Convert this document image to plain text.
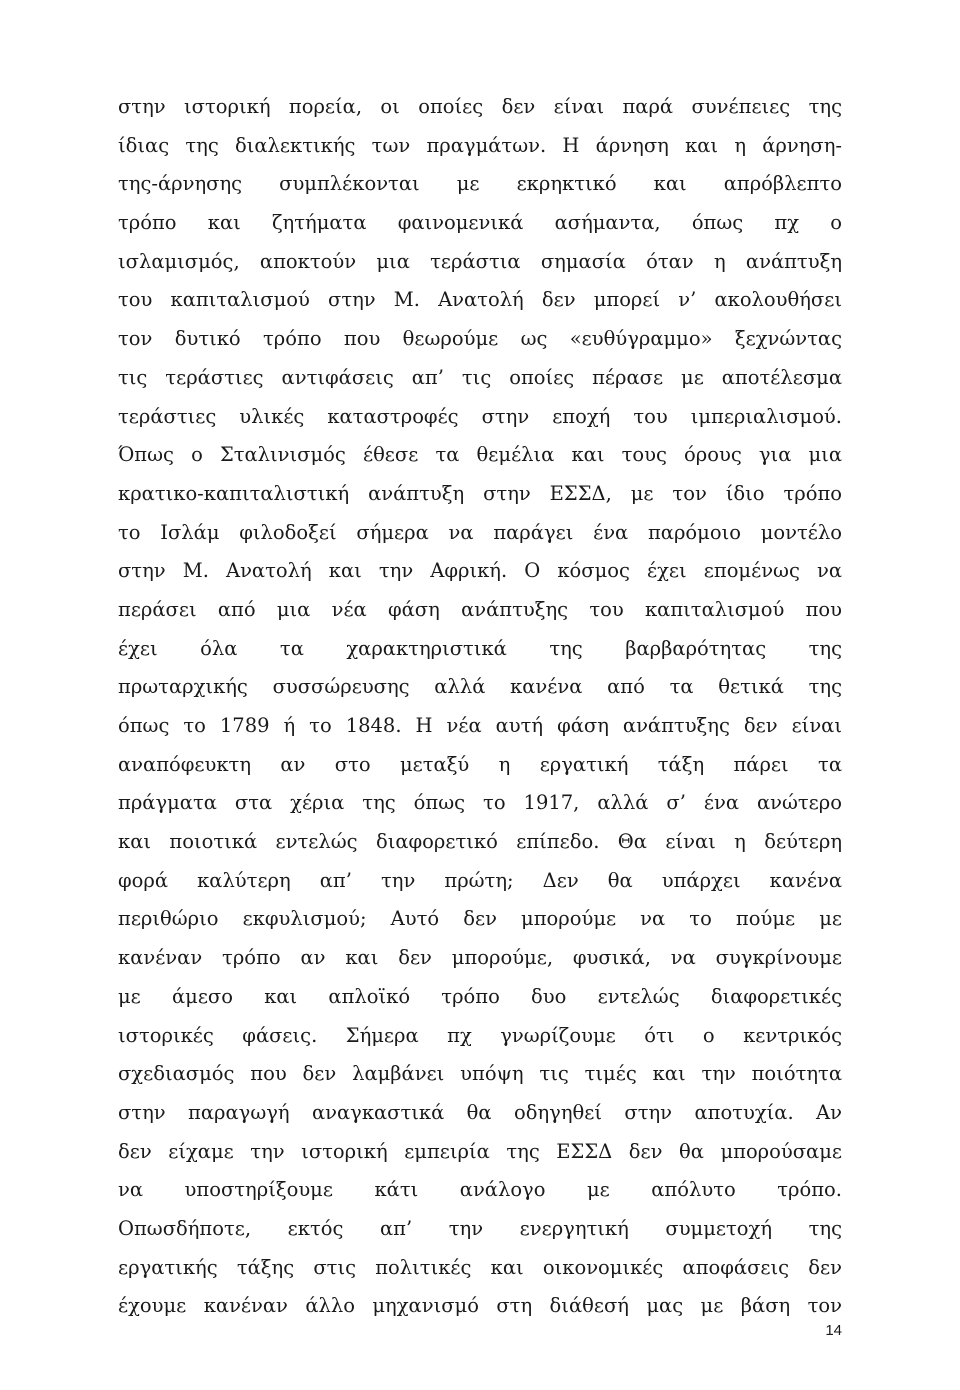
στην ιστορική πορεία, οι οποίες δεν είναι παρά συνέπειες της
ίδιας της διαλεκτικής των πραγμάτων. Η άρνηση και η άρνηση-
της-άρνησης συμπλέκονται με εκρηκτικό και απρόβλεπτο
τρόπο και ζητήματα φαινομενικά ασήμαντα, όπως πχ ο
ισλαμισμός, αποκτούν μια τεράστια σημασία όταν η ανάπτυξη
του καπιταλισμού στην Μ. Ανατολή δεν μπορεί ν’ ακολουθήσει
τον δυτικό τρόπο που θεωρούμε ως «ευθύγραμμο» ξεχνώντας
τις τεράστιες αντιφάσεις απ’ τις οποίες πέρασε με αποτέλεσμα
τεράστιες υλικές καταστροφές στην εποχή του ιμπεριαλισμού.
Όπως ο Σταλινισμός έθεσε τα θεμέλια και τους όρους για μια
κρατικο-καπιταλιστική ανάπτυξη στην ΕΣΣΔ, με τον ίδιο τρόπο
το Ισλάμ φιλοδοξεί σήμερα να παράγει ένα παρόμοιο μοντέλο
στην Μ. Ανατολή και την Αφρική. Ο κόσμος έχει επομένως να
περάσει από μια νέα φάση ανάπτυξης του καπιταλισμού που
έχει όλα τα χαρακτηριστικά της βαρβαρότητας της
πρωταρχικής συσσώρευσης αλλά κανένα από τα θετικά της
όπως το 1789 ή το 1848. Η νέα αυτή φάση ανάπτυξης δεν είναι
αναπόφευκτη αν στο μεταξύ η εργατική τάξη πάρει τα
πράγματα στα χέρια της όπως το 1917, αλλά σ’ ένα ανώτερο
και ποιοτικά εντελώς διαφορετικό επίπεδο. Θα είναι η δεύτερη
φορά καλύτερη απ’ την πρώτη; Δεν θα υπάρχει κανένα
περιθώριο εκφυλισμού; Αυτό δεν μπορούμε να το πούμε με
κανέναν τρόπο αν και δεν μπορούμε, φυσικά, να συγκρίνουμε
με άμεσο και απλοϊκό τρόπο δυο εντελώς διαφορετικές
ιστορικές φάσεις. Σήμερα πχ γνωρίζουμε ότι ο κεντρικός
σχεδιασμός που δεν λαμβάνει υπόψη τις τιμές και την ποιότητα
στην παραγωγή αναγκαστικά θα οδηγηθεί στην αποτυχία. Αν
δεν είχαμε την ιστορική εμπειρία της ΕΣΣΔ δεν θα μπορούσαμε
να υποστηρίξουμε κάτι ανάλογο με απόλυτο τρόπο.
Οπωσδήποτε, εκτός απ’ την ενεργητική συμμετοχή της
εργατικής τάξης στις πολιτικές και οικονομικές αποφάσεις δεν
έχουμε κανέναν άλλο μηχανισμό στη διάθεσή μας με βάση τον
14
